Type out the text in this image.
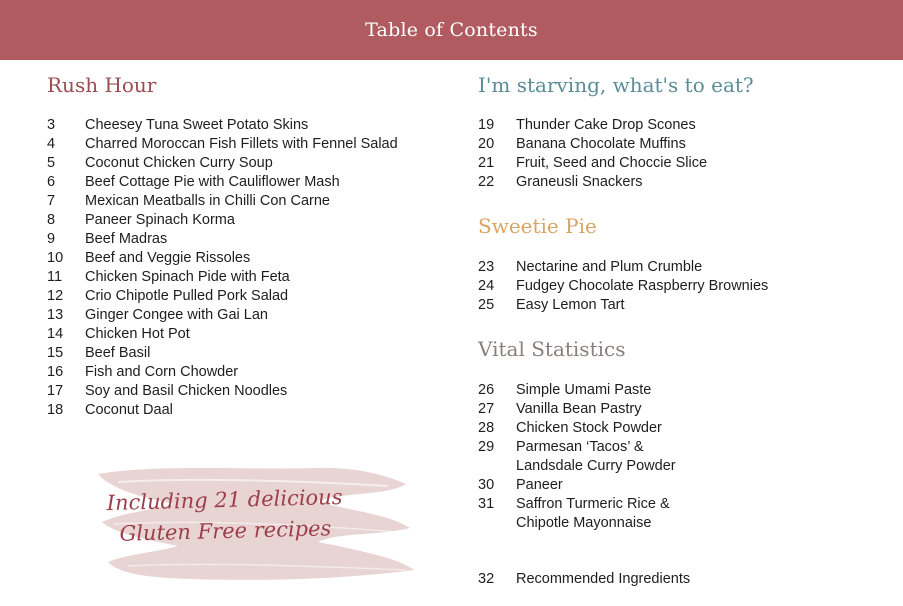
Table of Contents
Rush Hour
3	Cheesey Tuna Sweet Potato Skins
4	Charred Moroccan Fish Fillets with Fennel Salad
5	Coconut Chicken Curry Soup
6	Beef Cottage Pie with Cauliflower Mash
7	Mexican Meatballs in Chilli Con Carne
8	Paneer Spinach Korma
9	Beef Madras
10	Beef and Veggie Rissoles
11	Chicken Spinach Pide with Feta
12	Crio Chipotle Pulled Pork Salad
13	Ginger Congee with Gai Lan
14	Chicken Hot Pot
15	Beef Basil
16	Fish and Corn Chowder
17	Soy and Basil Chicken Noodles
18	Coconut Daal
I'm starving, what's to eat?
19	Thunder Cake Drop Scones
20	Banana Chocolate Muffins
21	Fruit, Seed and Choccie Slice
22	Graneusli Snackers
Sweetie Pie
23	Nectarine and Plum Crumble
24	Fudgey Chocolate Raspberry Brownies
25	Easy Lemon Tart
Vital Statistics
26	Simple Umami Paste
27	Vanilla Bean Pastry
28	Chicken Stock Powder
29	Parmesan ‘Tacos’ &
Landsdale Curry Powder
30	Paneer
31	Saffron Turmeric Rice &
Chipotle Mayonnaise
32	Recommended Ingredients
Including 21 delicious
Gluten Free recipes
